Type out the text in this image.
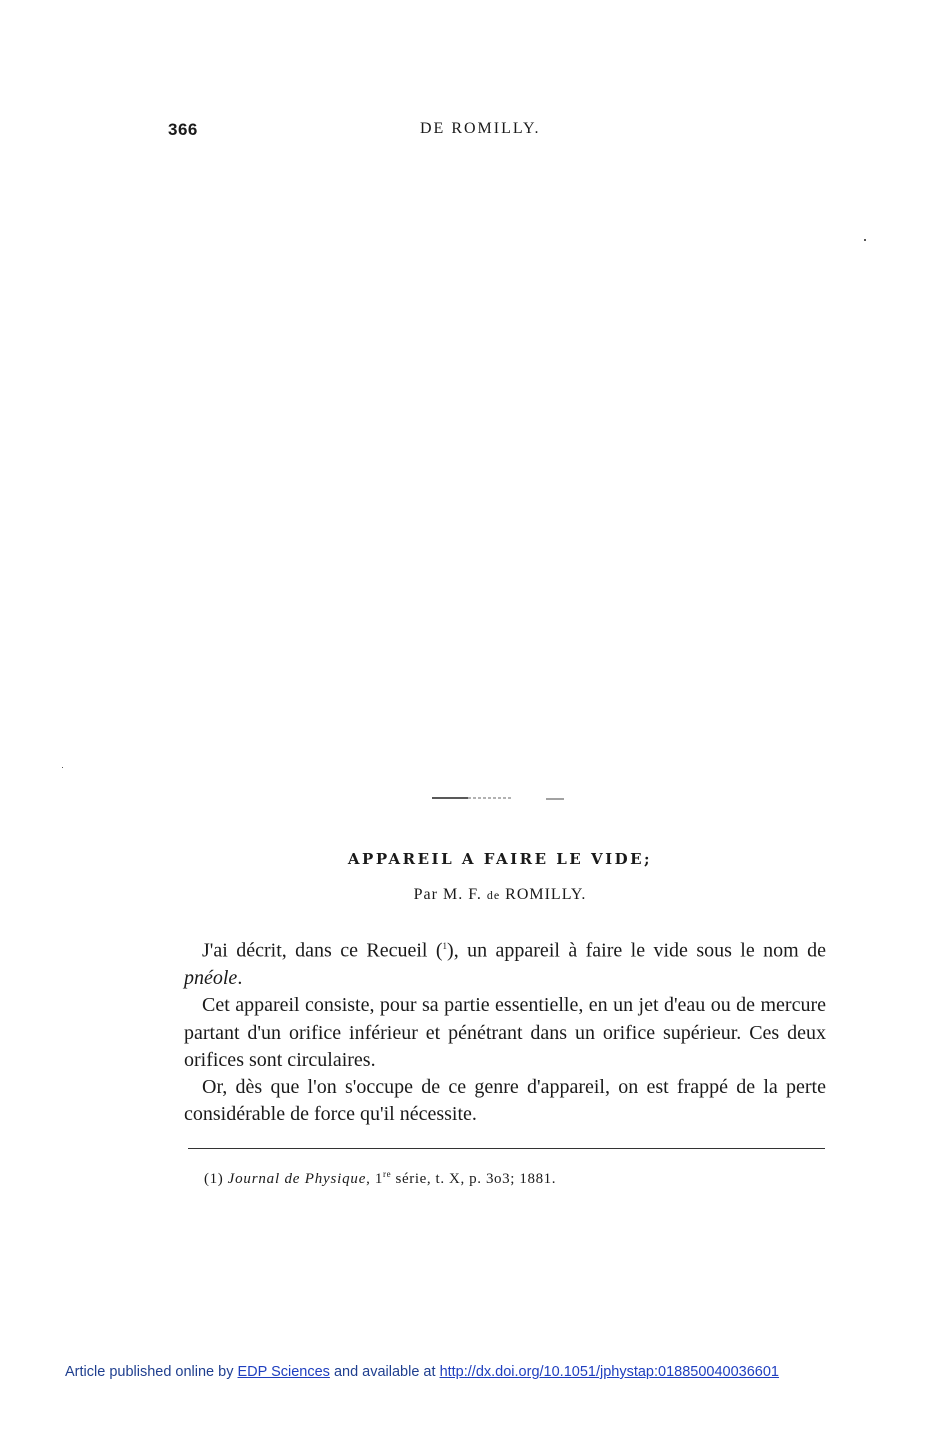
366	DE ROMILLY.
APPAREIL A FAIRE LE VIDE;
Par M. F. de ROMILLY.

J'ai décrit, dans ce Recueil ($^1$), un appareil à faire le vide sous le nom de pnéole.

Cet appareil consiste, pour sa partie essentielle, en un jet d'eau ou de mercure partant d'un orifice inférieur et pénétrant dans un orifice supérieur. Ces deux orifices sont circulaires.

Or, dès que l'on s'occupe de ce genre d'appareil, on est frappé de la perte considérable de force qu'il nécessite.

(1) Journal de Physique, 1re série, t. X, p. 3o3; 1881.
Article published online by EDP Sciences and available at http://dx.doi.org/10.1051/jphystap:018850040036601
